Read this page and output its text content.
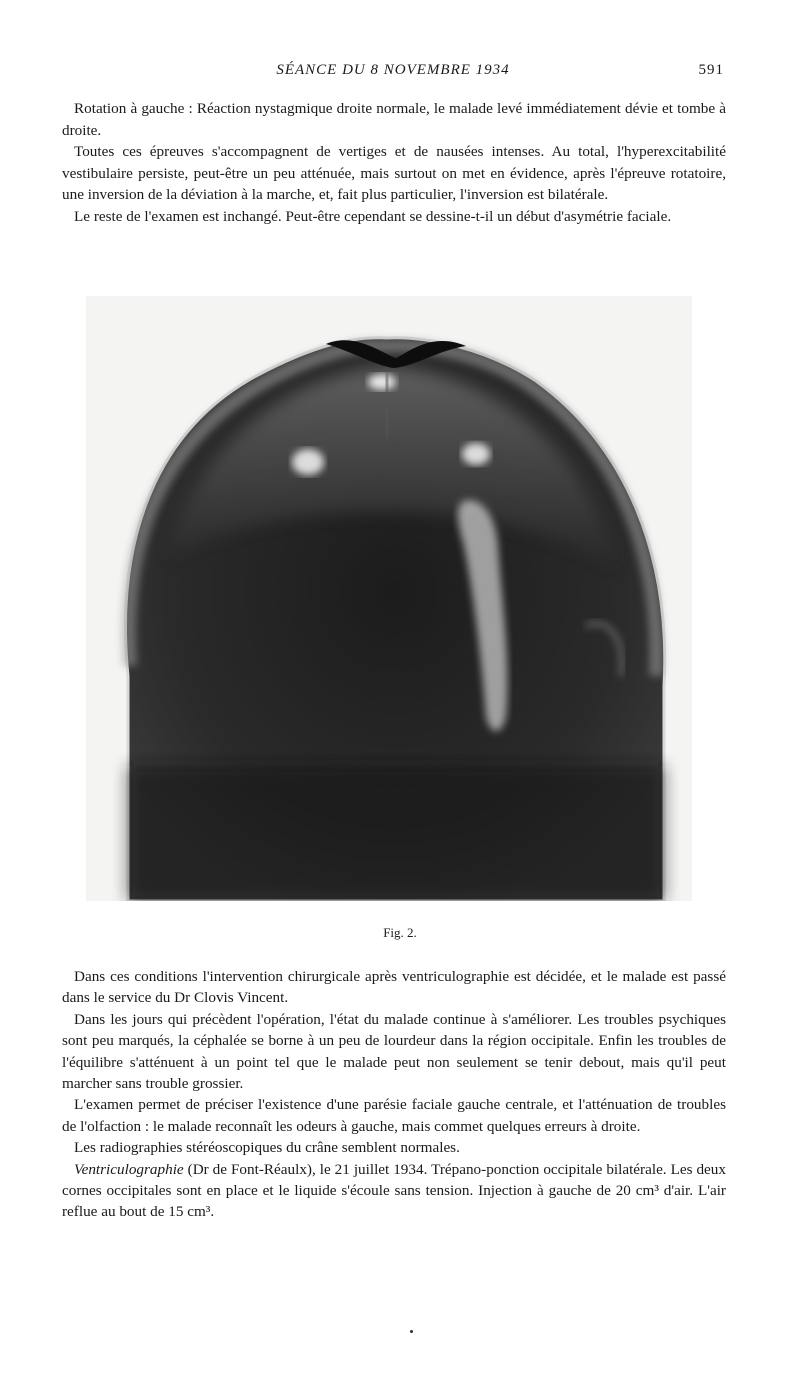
SÉANCE DU 8 NOVEMBRE 1934	591

Rotation à gauche : Réaction nystagmique droite normale, le malade levé immédiatement dévie et tombe à droite.

Toutes ces épreuves s'accompagnent de vertiges et de nausées intenses. Au total, l'hyperexcitabilité vestibulaire persiste, peut-être un peu atténuée, mais surtout on met en évidence, après l'épreuve rotatoire, une inversion de la déviation à la marche, et, fait plus particulier, l'inversion est bilatérale.

Le reste de l'examen est inchangé. Peut-être cependant se dessine-t-il un début d'asymétrie faciale.

Fig. 2.

Dans ces conditions l'intervention chirurgicale après ventriculographie est décidée, et le malade est passé dans le service du Dr Clovis Vincent.

Dans les jours qui précèdent l'opération, l'état du malade continue à s'améliorer. Les troubles psychiques sont peu marqués, la céphalée se borne à un peu de lourdeur dans la région occipitale. Enfin les troubles de l'équilibre s'atténuent à un point tel que le malade peut non seulement se tenir debout, mais qu'il peut marcher sans trouble grossier.

L'examen permet de préciser l'existence d'une parésie faciale gauche centrale, et l'atténuation de troubles de l'olfaction : le malade reconnaît les odeurs à gauche, mais commet quelques erreurs à droite.

Les radiographies stéréoscopiques du crâne semblent normales.

Ventriculographie (Dr de Font-Réaulx), le 21 juillet 1934. Trépano-ponction occipitale bilatérale. Les deux cornes occipitales sont en place et le liquide s'écoule sans tension. Injection à gauche de 20 cm³ d'air. L'air reflue au bout de 15 cm³.
